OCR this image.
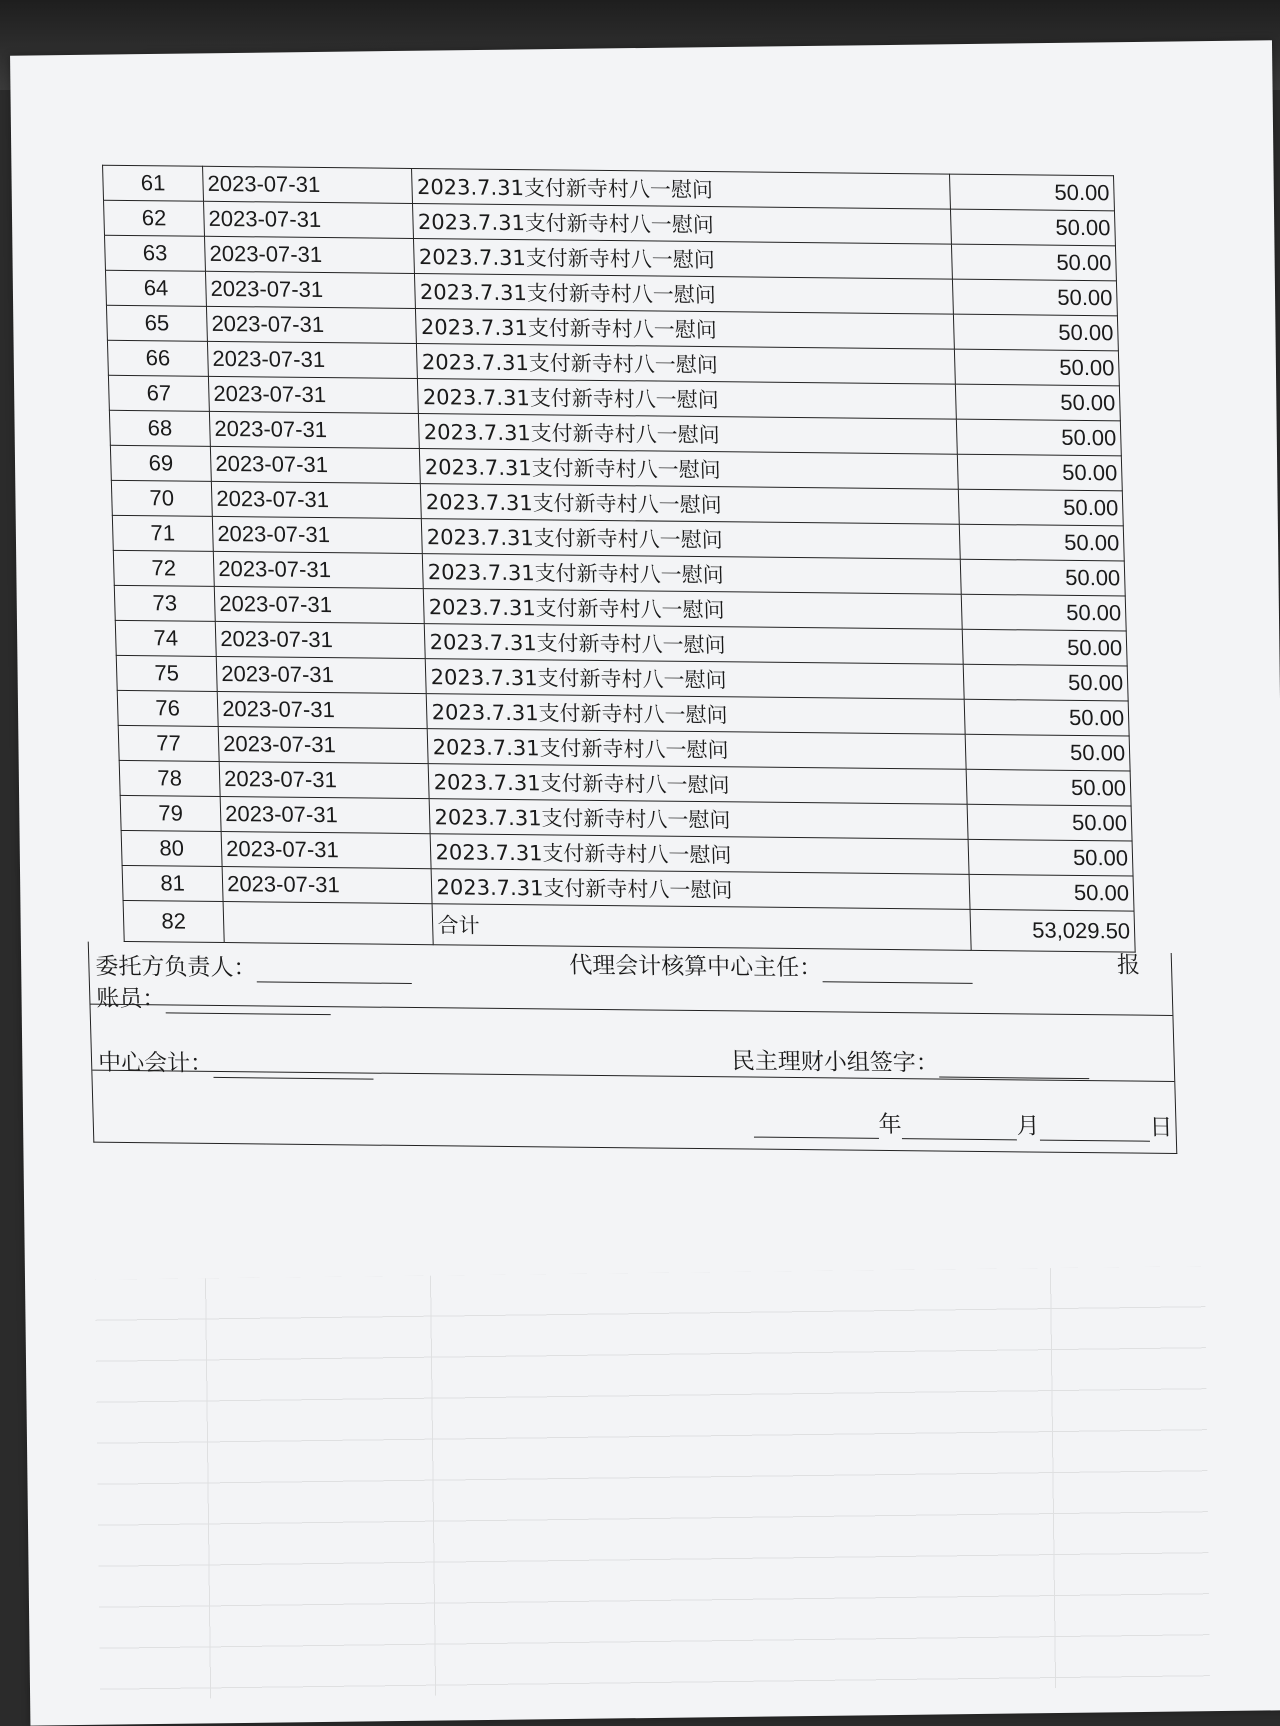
61	2023-07-31	2023.7.31支付新寺村八一慰问	50.00
62	2023-07-31	2023.7.31支付新寺村八一慰问	50.00
63	2023-07-31	2023.7.31支付新寺村八一慰问	50.00
64	2023-07-31	2023.7.31支付新寺村八一慰问	50.00
65	2023-07-31	2023.7.31支付新寺村八一慰问	50.00
66	2023-07-31	2023.7.31支付新寺村八一慰问	50.00
67	2023-07-31	2023.7.31支付新寺村八一慰问	50.00
68	2023-07-31	2023.7.31支付新寺村八一慰问	50.00
69	2023-07-31	2023.7.31支付新寺村八一慰问	50.00
70	2023-07-31	2023.7.31支付新寺村八一慰问	50.00
71	2023-07-31	2023.7.31支付新寺村八一慰问	50.00
72	2023-07-31	2023.7.31支付新寺村八一慰问	50.00
73	2023-07-31	2023.7.31支付新寺村八一慰问	50.00
74	2023-07-31	2023.7.31支付新寺村八一慰问	50.00
75	2023-07-31	2023.7.31支付新寺村八一慰问	50.00
76	2023-07-31	2023.7.31支付新寺村八一慰问	50.00
77	2023-07-31	2023.7.31支付新寺村八一慰问	50.00
78	2023-07-31	2023.7.31支付新寺村八一慰问	50.00
79	2023-07-31	2023.7.31支付新寺村八一慰问	50.00
80	2023-07-31	2023.7.31支付新寺村八一慰问	50.00
81	2023-07-31	2023.7.31支付新寺村八一慰问	50.00
82		合计	53,029.50
委托方负责人：	代理会计核算中心主任：	报
账员：
中心会计：	民主理财小组签字：
年	月	日
